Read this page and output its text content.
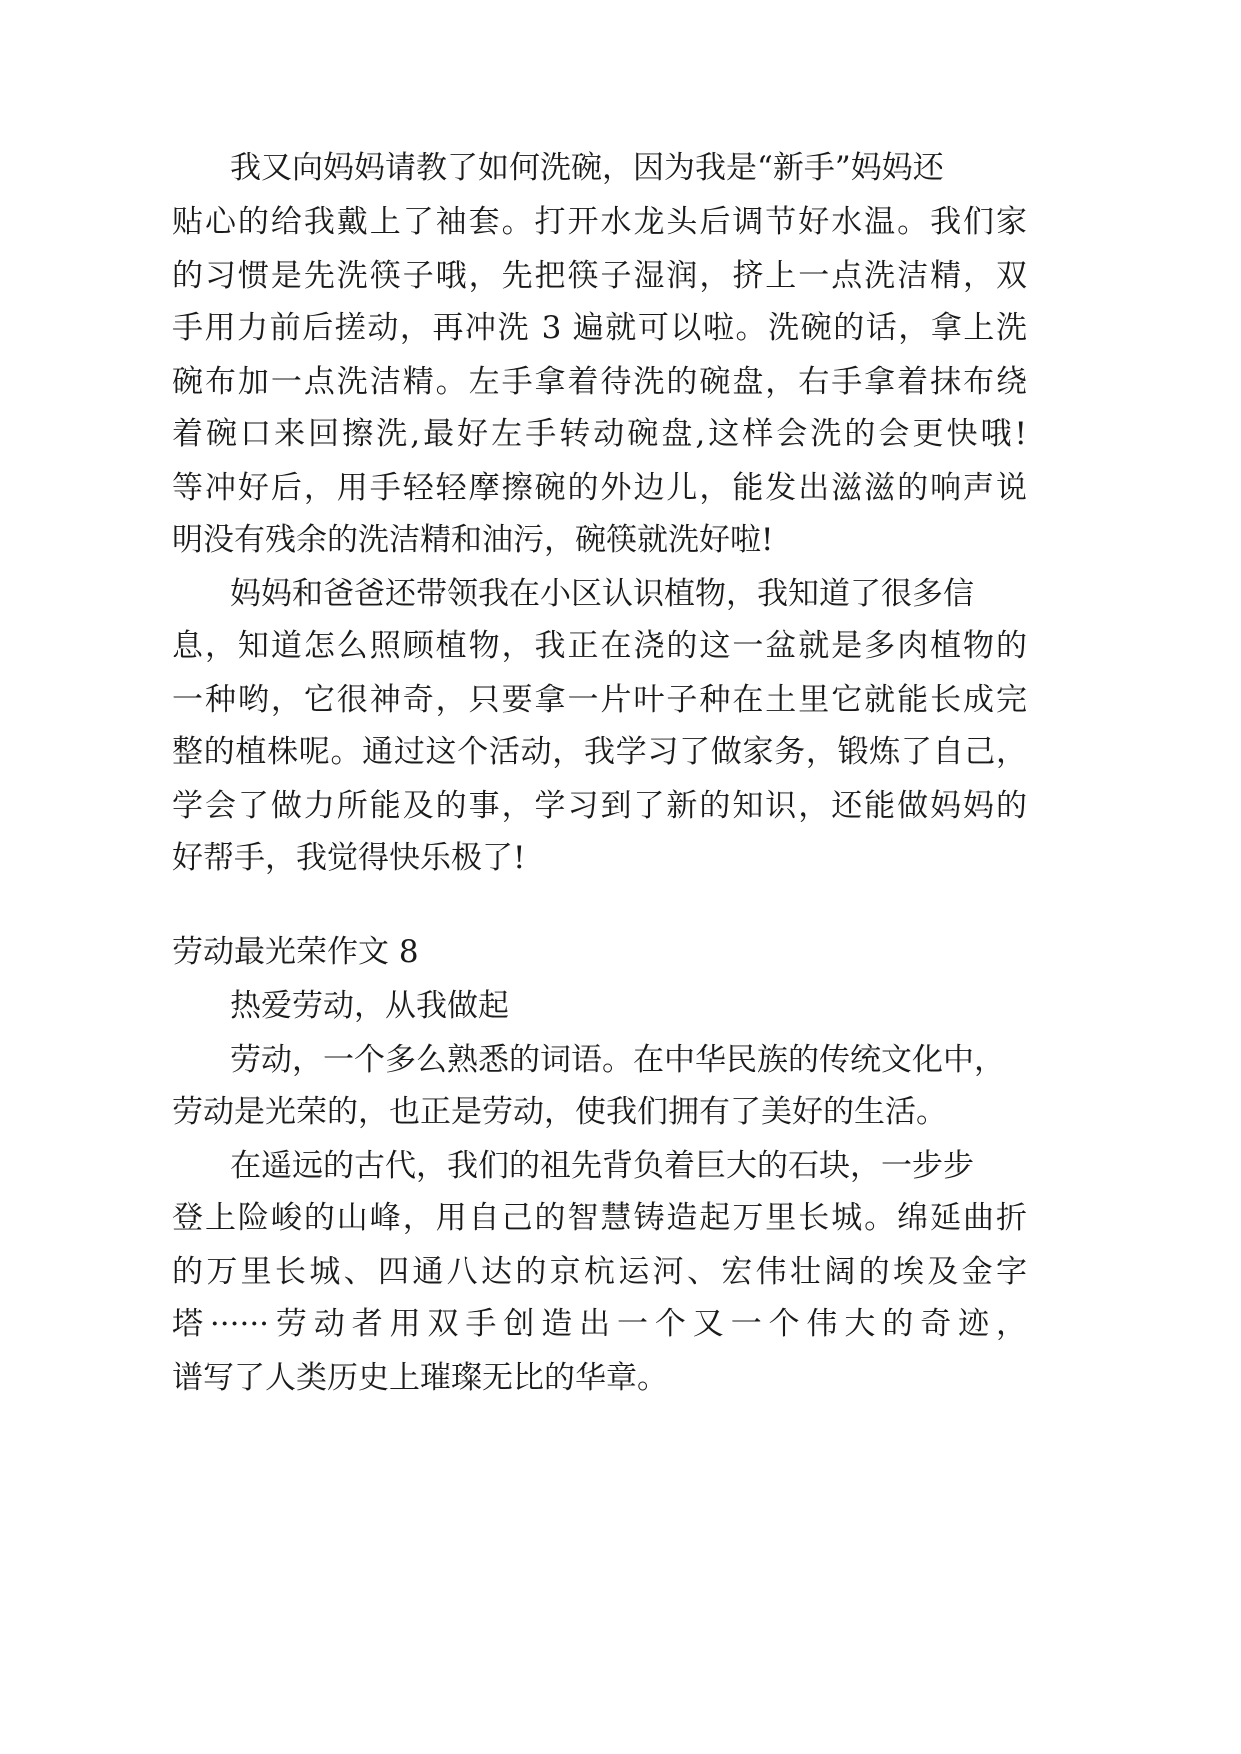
我又向妈妈请教了如何洗碗，因为我是“新手”妈妈还
贴心的给我戴上了袖套。打开水龙头后调节好水温。我们家
的习惯是先洗筷子哦，先把筷子湿润，挤上一点洗洁精，双
手用力前后搓动，再冲洗 3 遍就可以啦。洗碗的话，拿上洗
碗布加一点洗洁精。左手拿着待洗的碗盘，右手拿着抹布绕
着碗口来回擦洗,最好左手转动碗盘,这样会洗的会更快哦!
等冲好后，用手轻轻摩擦碗的外边儿，能发出滋滋的响声说
明没有残余的洗洁精和油污，碗筷就洗好啦!
妈妈和爸爸还带领我在小区认识植物，我知道了很多信
息，知道怎么照顾植物，我正在浇的这一盆就是多肉植物的
一种哟，它很神奇，只要拿一片叶子种在土里它就能长成完
整的植株呢。通过这个活动，我学习了做家务，锻炼了自己，
学会了做力所能及的事，学习到了新的知识，还能做妈妈的
好帮手，我觉得快乐极了!
劳动最光荣作文 8
热爱劳动，从我做起
劳动，一个多么熟悉的词语。在中华民族的传统文化中，
劳动是光荣的，也正是劳动，使我们拥有了美好的生活。
在遥远的古代，我们的祖先背负着巨大的石块，一步步
登上险峻的山峰，用自己的智慧铸造起万里长城。绵延曲折
的万里长城、四通八达的京杭运河、宏伟壮阔的埃及金字
塔······劳动者用双手创造出一个又一个伟大的奇迹，
谱写了人类历史上璀璨无比的华章。
